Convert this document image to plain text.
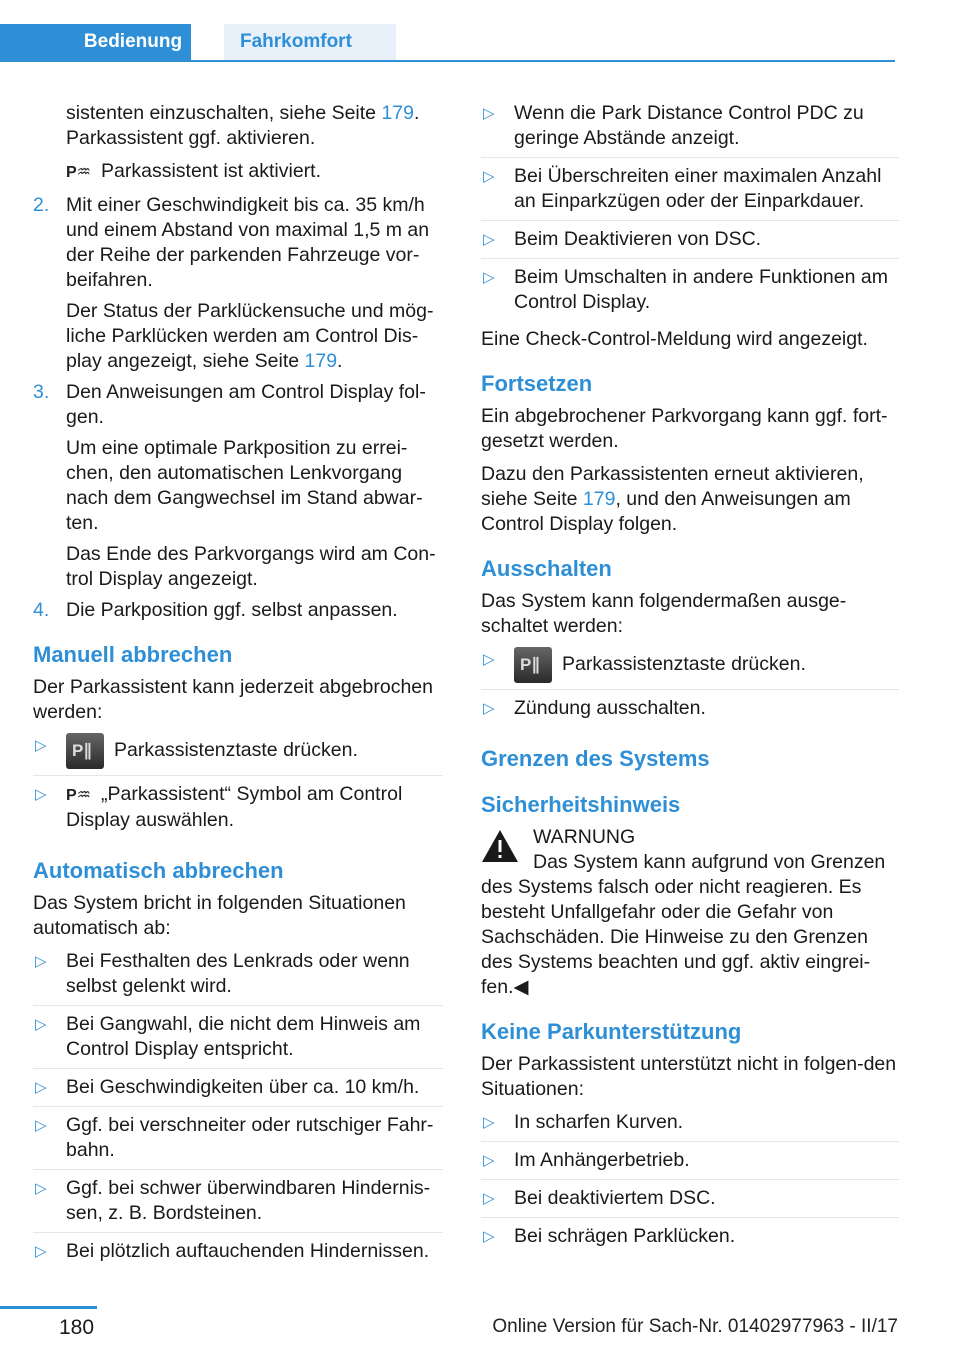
Bedienung	Fahrkomfort

sistenten einzuschalten, siehe Seite 179. Parkassistent ggf. aktivieren.

P♒ Parkassistent ist aktiviert.

2. Mit einer Geschwindigkeit bis ca. 35 km/h und einem Abstand von maximal 1,5 m an der Reihe der parkenden Fahrzeuge vor-beifahren.

Der Status der Parklückensuche und mög-liche Parklücken werden am Control Dis-play angezeigt, siehe Seite 179.

3. Den Anweisungen am Control Display fol-gen.

Um eine optimale Parkposition zu errei-chen, den automatischen Lenkvorgang nach dem Gangwechsel im Stand abwar-ten.

Das Ende des Parkvorgangs wird am Con-trol Display angezeigt.

4. Die Parkposition ggf. selbst anpassen.

Manuell abbrechen

Der Parkassistent kann jederzeit abgebrochen werden:

▷ P∥ Parkassistenztaste drücken.
▷ P♒ „Parkassistent“ Symbol am Control Display auswählen.
Automatisch abbrechen

Das System bricht in folgenden Situationen automatisch ab:

▷ Bei Festhalten des Lenkrads oder wenn selbst gelenkt wird.
▷ Bei Gangwahl, die nicht dem Hinweis am Control Display entspricht.
▷ Bei Geschwindigkeiten über ca. 10 km/h.
▷ Ggf. bei verschneiter oder rutschiger Fahr-bahn.
▷ Ggf. bei schwer überwindbaren Hindernis-sen, z. B. Bordsteinen.
▷ Bei plötzlich auftauchenden Hindernissen.
▷ Wenn die Park Distance Control PDC zu geringe Abstände anzeigt.
▷ Bei Überschreiten einer maximalen Anzahl an Einparkzügen oder der Einparkdauer.
▷ Beim Deaktivieren von DSC.
▷ Beim Umschalten in andere Funktionen am Control Display.

Eine Check-Control-Meldung wird angezeigt.

Fortsetzen

Ein abgebrochener Parkvorgang kann ggf. fort-gesetzt werden.

Dazu den Parkassistenten erneut aktivieren, siehe Seite 179, und den Anweisungen am Control Display folgen.

Ausschalten

Das System kann folgendermaßen ausge-schaltet werden:

▷ P∥ Parkassistenztaste drücken.
▷ Zündung ausschalten.
Grenzen des Systems
Sicherheitshinweis
WARNUNG

Das System kann aufgrund von Grenzen des Systems falsch oder nicht reagieren. Es besteht Unfallgefahr oder die Gefahr von Sachschäden. Die Hinweise zu den Grenzen des Systems beachten und ggf. aktiv eingrei-fen.◀

Keine Parkunterstützung

Der Parkassistent unterstützt nicht in folgen-den Situationen:

▷ In scharfen Kurven.
▷ Im Anhängerbetrieb.
▷ Bei deaktiviertem DSC.
▷ Bei schrägen Parklücken.
180	Online Version für Sach-Nr. 01402977963 - II/17
